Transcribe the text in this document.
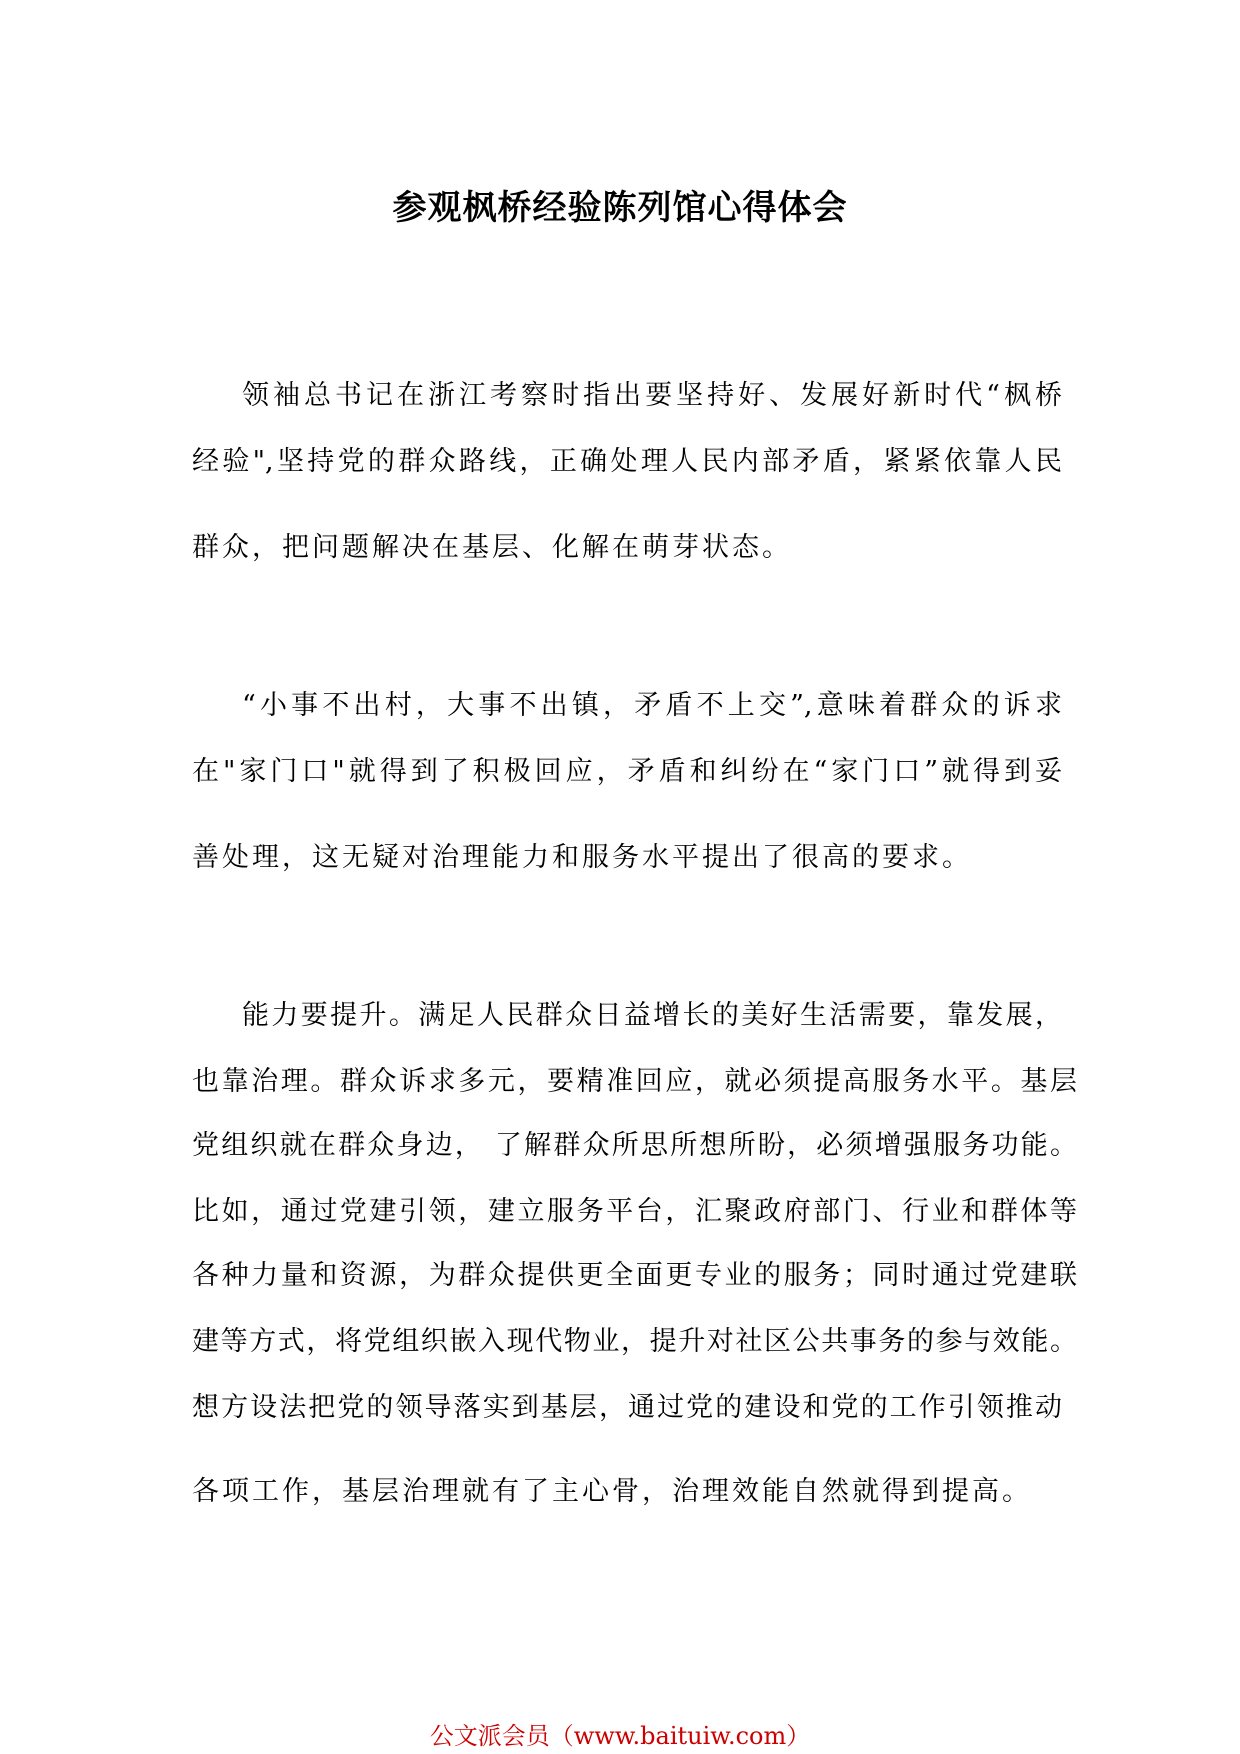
参观枫桥经验陈列馆心得体会
领袖总书记在浙江考察时指出要坚持好、发展好新时代“枫桥
经验",坚持党的群众路线，正确处理人民内部矛盾，紧紧依靠人民
群众，把问题解决在基层、化解在萌芽状态。
“小事不出村，大事不出镇，矛盾不上交”,意味着群众的诉求
在"家门口"就得到了积极回应，矛盾和纠纷在“家门口”就得到妥
善处理，这无疑对治理能力和服务水平提出了很高的要求。
能力要提升。满足人民群众日益增长的美好生活需要，靠发展，
也靠治理。群众诉求多元，要精准回应，就必须提高服务水平。基层
党组织就在群众身边， 了解群众所思所想所盼，必须增强服务功能。
比如，通过党建引领，建立服务平台，汇聚政府部门、行业和群体等
各种力量和资源，为群众提供更全面更专业的服务；同时通过党建联
建等方式，将党组织嵌入现代物业，提升对社区公共事务的参与效能。
想方设法把党的领导落实到基层，通过党的建设和党的工作引领推动
各项工作，基层治理就有了主心骨，治理效能自然就得到提高。
公文派会员（www.baituiw.com）
